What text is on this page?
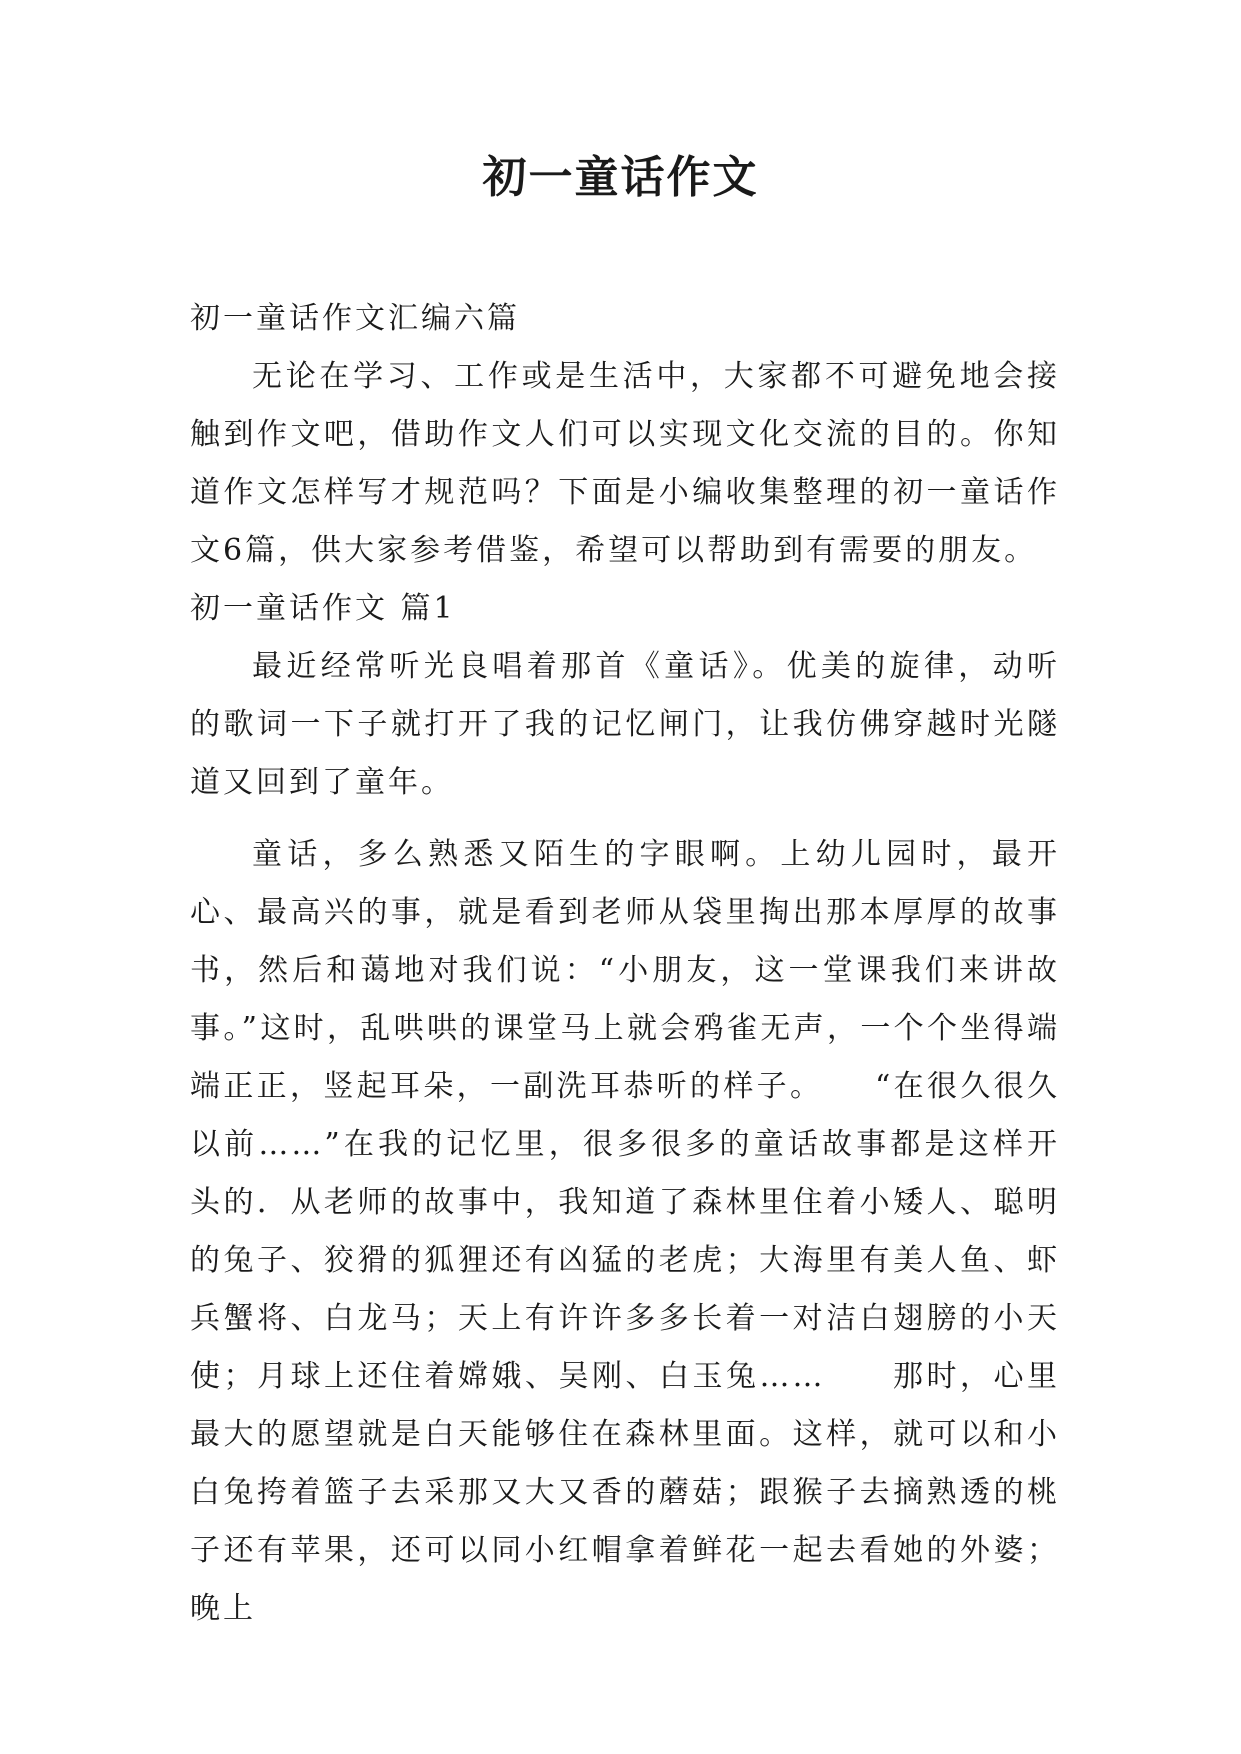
初一童话作文

初一童话作文汇编六篇

无论在学习、工作或是生活中，大家都不可避免地会接触到作文吧，借助作文人们可以实现文化交流的目的。你知道作文怎样写才规范吗？下面是小编收集整理的初一童话作文6篇，供大家参考借鉴，希望可以帮助到有需要的朋友。

初一童话作文 篇1

最近经常听光良唱着那首《童话》。优美的旋律，动听的歌词一下子就打开了我的记忆闸门，让我仿佛穿越时光隧道又回到了童年。

童话，多么熟悉又陌生的字眼啊。上幼儿园时，最开心、最高兴的事，就是看到老师从袋里掏出那本厚厚的故事书，然后和蔼地对我们说：“小朋友，这一堂课我们来讲故事。”这时，乱哄哄的课堂马上就会鸦雀无声，一个个坐得端端正正，竖起耳朵，一副洗耳恭听的样子。　　“在很久很久以前……”在我的记忆里，很多很多的童话故事都是这样开头的．从老师的故事中，我知道了森林里住着小矮人、聪明的兔子、狡猾的狐狸还有凶猛的老虎；大海里有美人鱼、虾兵蟹将、白龙马；天上有许许多多长着一对洁白翅膀的小天使；月球上还住着嫦娥、吴刚、白玉兔……　　那时，心里最大的愿望就是白天能够住在森林里面。这样，就可以和小白兔挎着篮子去采那又大又香的蘑菇；跟猴子去摘熟透的桃子还有苹果，还可以同小红帽拿着鲜花一起去看她的外婆；晚上
